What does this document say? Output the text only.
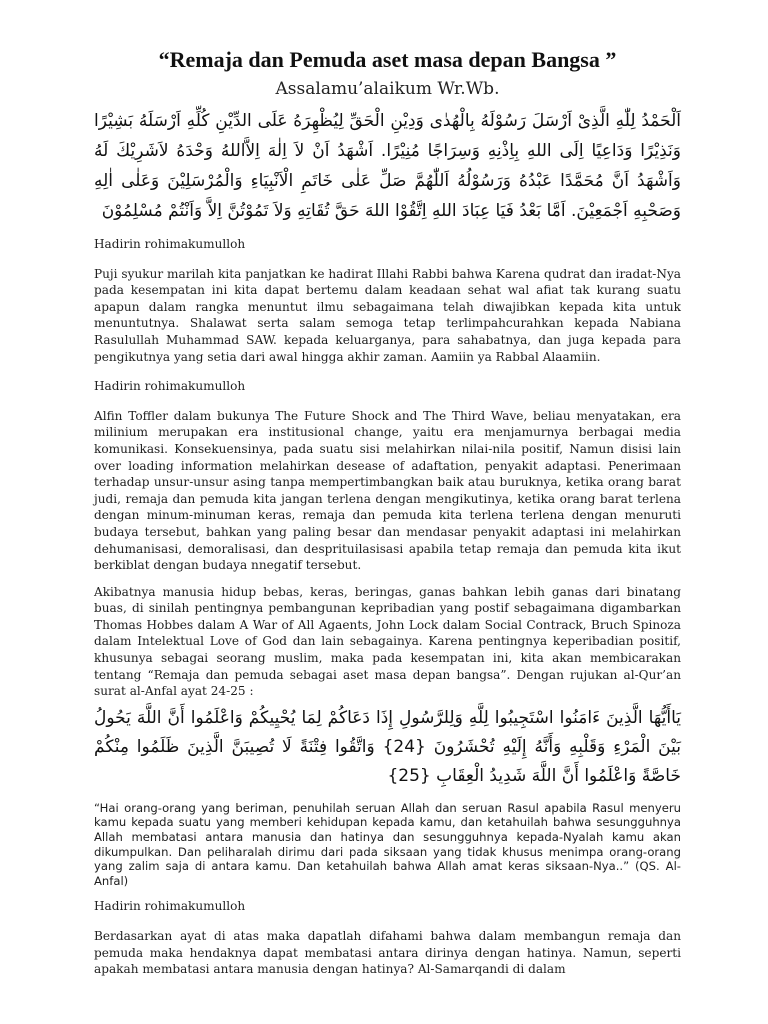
“Remaja dan Pemuda aset masa depan Bangsa ”

Assalamu’alaikum Wr.Wb.

اَلْحَمْدُ لِلّٰهِ الَّذِىْ اَرْسَلَ رَسُوْلَهُ بِالْهُدٰى وَدِيْنِ الْحَقِّ لِيُظْهِرَهُ عَلَى الدِّيْنِ كُلِّهِ اَرْسَلَهُ بَشِيْرًا وَنَذِيْرًا وَدَاعِيًا اِلَى اللهِ بِاِذْنِهِ وَسِرَاجًا مُنِيْرًا. اَشْهَدُ اَنْ لاَ اِلٰهَ اِلاَّاللهُ وَحْدَهُ لاَشَرِيْكَ لَهُ وَاَشْهَدُ اَنَّ مُحَمَّدًا عَبْدُهُ وَرَسُوْلُهُ اَللّٰهُمَّ صَلِّ عَلٰى خَاتَمِ الْاَنْبِيَاءِ وَالْمُرْسَلِيْنَ وَعَلٰى اٰلِهِ وَصَحْبِهِ اَجْمَعِيْنَ. اَمَّا بَعْدُ فَيَا عِبَادَ اللهِ اِتَّقُوْا اللهَ حَقَّ تُقَاتِهِ وَلاَ تَمُوْتُنَّ اِلاَّ وَاَنْتُمْ مُسْلِمُوْنَ

Hadirin rohimakumulloh

Puji syukur marilah kita panjatkan ke hadirat Illahi Rabbi bahwa Karena qudrat dan iradat-Nya pada kesempatan ini kita dapat bertemu dalam keadaan sehat wal afiat tak kurang suatu apapun dalam rangka menuntut ilmu sebagaimana telah diwajibkan kepada kita untuk menuntutnya. Shalawat serta salam semoga tetap terlimpahcurahkan kepada Nabiana Rasulullah Muhammad SAW. kepada keluarganya, para sahabatnya, dan juga kepada para pengikutnya yang setia dari awal hingga akhir zaman. Aamiin ya Rabbal Alaamiin.

Hadirin rohimakumulloh

Alfin Toffler dalam bukunya The Future Shock and The Third Wave, beliau menyatakan, era milinium merupakan era institusional change, yaitu era menjamurnya berbagai media komunikasi. Konsekuensinya, pada suatu sisi melahirkan nilai-nila positif, Namun disisi lain over loading information melahirkan desease of adaftation, penyakit adaptasi. Penerimaan terhadap unsur-unsur asing tanpa mempertimbangkan baik atau buruknya, ketika orang barat judi, remaja dan pemuda kita jangan terlena dengan mengikutinya, ketika orang barat terlena dengan minum-minuman keras, remaja dan pemuda kita terlena terlena dengan menuruti budaya tersebut, bahkan yang paling besar dan mendasar penyakit adaptasi ini melahirkan dehumanisasi, demoralisasi, dan desprituilasisasi apabila tetap remaja dan pemuda kita ikut berkiblat dengan budaya nnegatif tersebut.

Akibatnya manusia hidup bebas, keras, beringas, ganas bahkan lebih ganas dari binatang buas, di sinilah pentingnya pembangunan kepribadian yang postif sebagaimana digambarkan Thomas Hobbes dalam A War of All Agaents, John Lock dalam Social Contrack, Bruch Spinoza dalam Intelektual Love of God dan lain sebagainya. Karena pentingnya keperibadian positif, khusunya sebagai seorang muslim, maka pada kesempatan ini, kita akan membicarakan tentang “Remaja dan pemuda sebagai aset masa depan bangsa”. Dengan rujukan al-Qur’an surat al-Anfal ayat 24-25 :

يَاأَيُّهَا الَّذِينَ ءَامَنُوا اسْتَجِيبُوا لِلَّهِ وَلِلرَّسُولِ إِذَا دَعَاكُمْ لِمَا يُحْيِيكُمْ وَاعْلَمُوا أَنَّ اللَّهَ يَحُولُ بَيْنَ الْمَرْءِ وَقَلْبِهِ وَأَنَّهُ إِلَيْهِ تُحْشَرُونَ {24} وَاتَّقُوا فِتْنَةً لَا تُصِيبَنَّ الَّذِينَ ظَلَمُوا مِنْكُمْ خَاصَّةً وَاعْلَمُوا أَنَّ اللَّهَ شَدِيدُ الْعِقَابِ {25}

“Hai orang-orang yang beriman, penuhilah seruan Allah dan seruan Rasul apabila Rasul menyeru kamu kepada suatu yang memberi kehidupan kepada kamu, dan ketahuilah bahwa sesungguhnya Allah membatasi antara manusia dan hatinya dan sesungguhnya kepada-Nyalah kamu akan dikumpulkan. Dan peliharalah dirimu dari pada siksaan yang tidak khusus menimpa orang-orang yang zalim saja di antara kamu. Dan ketahuilah bahwa Allah amat keras siksaan-Nya..” (QS. Al-Anfal)

Hadirin rohimakumulloh

Berdasarkan ayat di atas maka dapatlah difahami bahwa dalam membangun remaja dan pemuda maka hendaknya dapat membatasi antara dirinya dengan hatinya. Namun, seperti apakah membatasi antara manusia dengan hatinya? Al-Samarqandi di dalam
